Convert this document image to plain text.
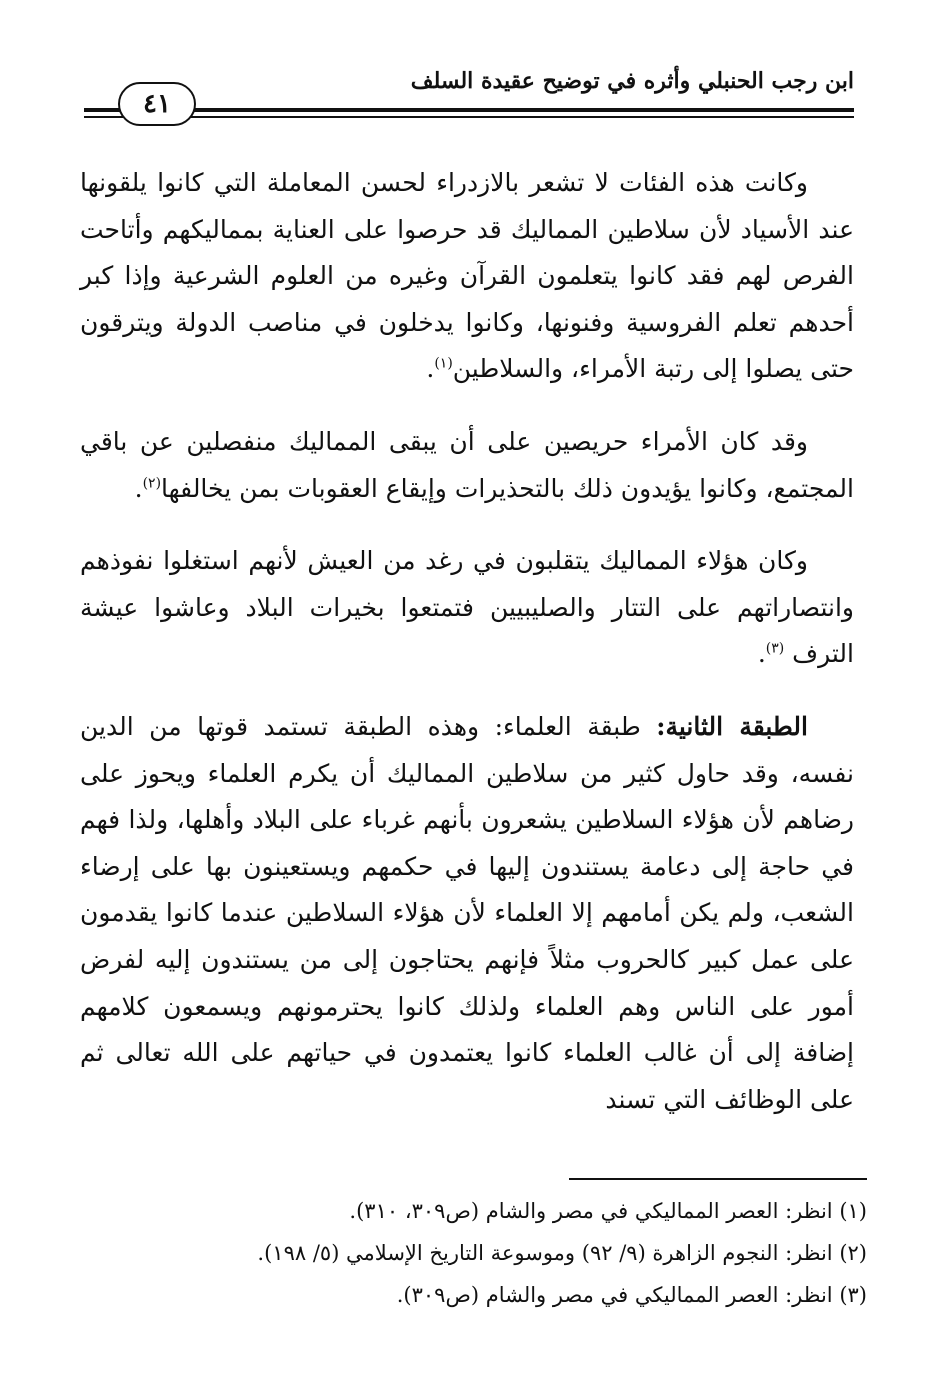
ابن رجب الحنبلي وأثره في توضيح عقيدة السلف
٤١

وكانت هذه الفئات لا تشعر بالازدراء لحسن المعاملة التي كانوا يلقونها عند الأسياد لأن سلاطين المماليك قد حرصوا على العناية بمماليكهم وأتاحت الفرص لهم فقد كانوا يتعلمون القرآن وغيره من العلوم الشرعية وإذا كبر أحدهم تعلم الفروسية وفنونها، وكانوا يدخلون في مناصب الدولة ويترقون حتى يصلوا إلى رتبة الأمراء، والسلاطين$^{(١)}$.

وقد كان الأمراء حريصين على أن يبقى المماليك منفصلين عن باقي المجتمع، وكانوا يؤيدون ذلك بالتحذيرات وإيقاع العقوبات بمن يخالفها$^{(٢)}$.

وكان هؤلاء المماليك يتقلبون في رغد من العيش لأنهم استغلوا نفوذهم وانتصاراتهم على التتار والصليبيين فتمتعوا بخيرات البلاد وعاشوا عيشة الترف $^{(٣)}$.

الطبقة الثانية: طبقة العلماء: وهذه الطبقة تستمد قوتها من الدين نفسه، وقد حاول كثير من سلاطين المماليك أن يكرم العلماء ويحوز على رضاهم لأن هؤلاء السلاطين يشعرون بأنهم غرباء على البلاد وأهلها، ولذا فهم في حاجة إلى دعامة يستندون إليها في حكمهم ويستعينون بها على إرضاء الشعب، ولم يكن أمامهم إلا العلماء لأن هؤلاء السلاطين عندما كانوا يقدمون على عمل كبير كالحروب مثلاً فإنهم يحتاجون إلى من يستندون إليه لفرض أمور على الناس وهم العلماء ولذلك كانوا يحترمونهم ويسمعون كلامهم إضافة إلى أن غالب العلماء كانوا يعتمدون في حياتهم على الله تعالى ثم على الوظائف التي تسند

(١) انظر: العصر المماليكي في مصر والشام (ص٣٠٩، ٣١٠).

(٢) انظر: النجوم الزاهرة (٩/ ٩٢) وموسوعة التاريخ الإسلامي (٥/ ١٩٨).

(٣) انظر: العصر المماليكي في مصر والشام (ص٣٠٩).
